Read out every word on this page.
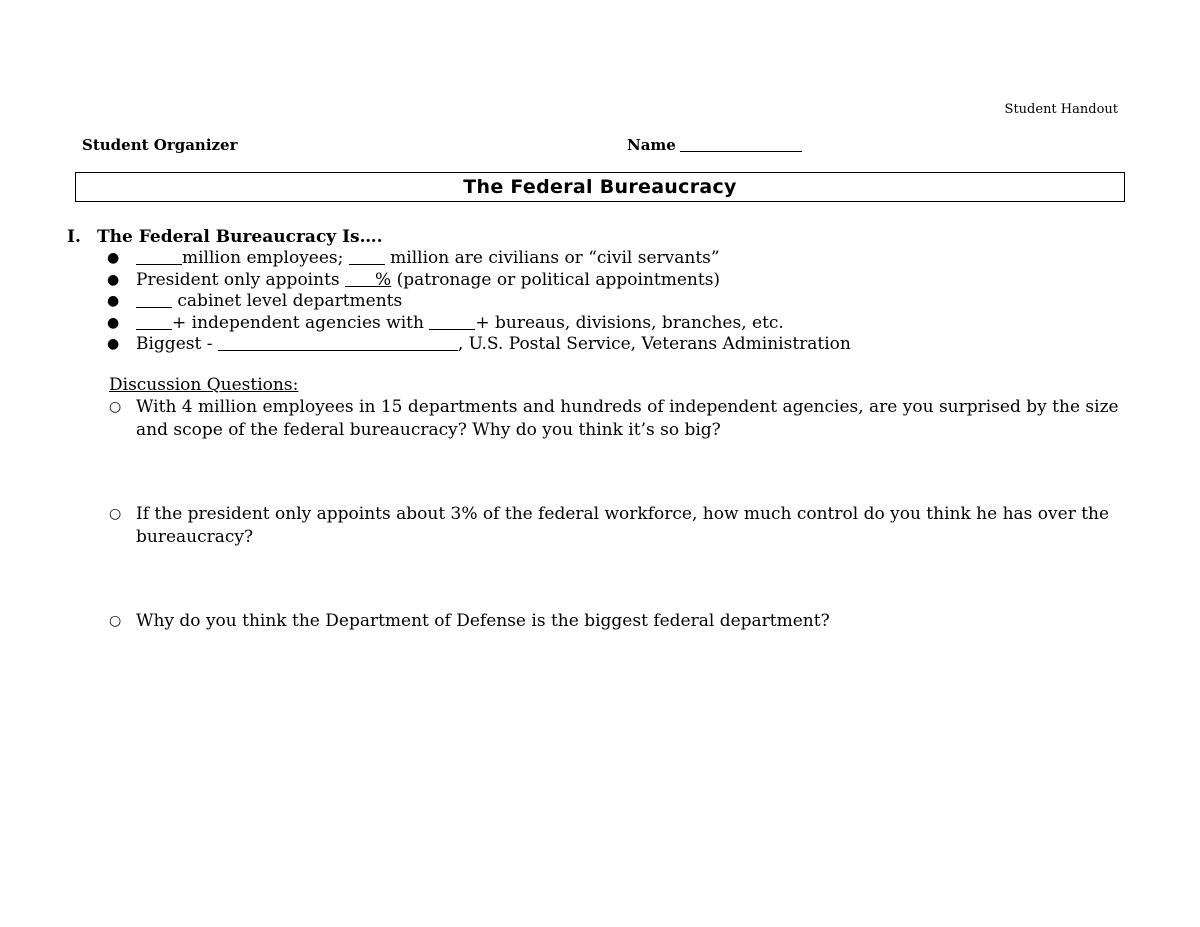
Student Handout
Student Organizer	Name
The Federal Bureaucracy
I. The Federal Bureaucracy Is….
●	million employees;  million are civilians or “civil servants”
● President only appoints % (patronage or political appointments)
●	cabinet level departments
●	+ independent agencies with	+ bureaus, divisions, branches, etc.
● Biggest -	, U.S. Postal Service, Veterans Administration
Discussion Questions:
○ With 4 million employees in 15 departments and hundreds of independent agencies, are you surprised by the size and scope of the federal bureaucracy? Why do you think it’s so big?
○ If the president only appoints about 3% of the federal workforce, how much control do you think he has over the bureaucracy?
○ Why do you think the Department of Defense is the biggest federal department?
